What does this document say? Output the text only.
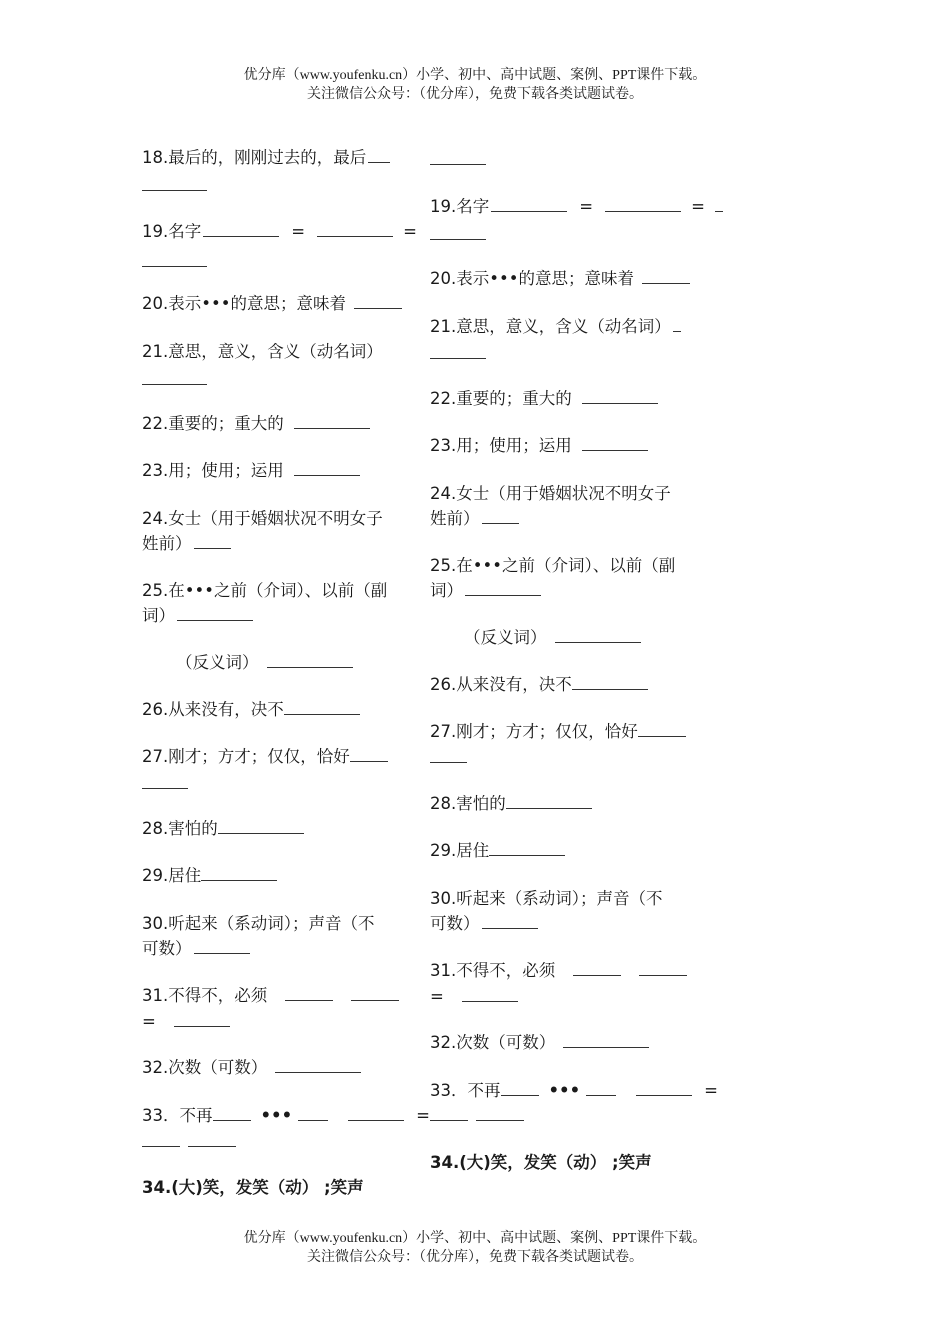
优分库（www.youfenku.cn）小学、初中、高中试题、案例、PPT课件下载。
关注微信公众号：（优分库），免费下载各类试题试卷。
18.最后的，刚刚过去的，最后
19.名字	=	=
20.表示•••的意思；意味着
21.意思，意义，含义（动名词）
22.重要的；重大的
23.用；使用；运用
24.女士（用于婚姻状况不明女子
姓前）
25.在•••之前（介词）、以前（副
词）
（反义词）
26.从来没有，决不
27.刚才；方才；仅仅，恰好
28.害怕的
29.居住
30.听起来（系动词）；声音（不
可数）
31.不得不，必须
=
32.次数（可数）
33．不再	•••	=
34.(大)笑，发笑（动） ;笑声
19.名字	=	=
20.表示•••的意思；意味着
21.意思，意义，含义（动名词）
22.重要的；重大的
23.用；使用；运用
24.女士（用于婚姻状况不明女子
姓前）
25.在•••之前（介词）、以前（副
词）
（反义词）
26.从来没有，决不
27.刚才；方才；仅仅，恰好
28.害怕的
29.居住
30.听起来（系动词）；声音（不
可数）
31.不得不，必须
=
32.次数（可数）
33．不再	•••	=
34.(大)笑，发笑（动） ;笑声
优分库（www.youfenku.cn）小学、初中、高中试题、案例、PPT课件下载。
关注微信公众号：（优分库），免费下载各类试题试卷。
